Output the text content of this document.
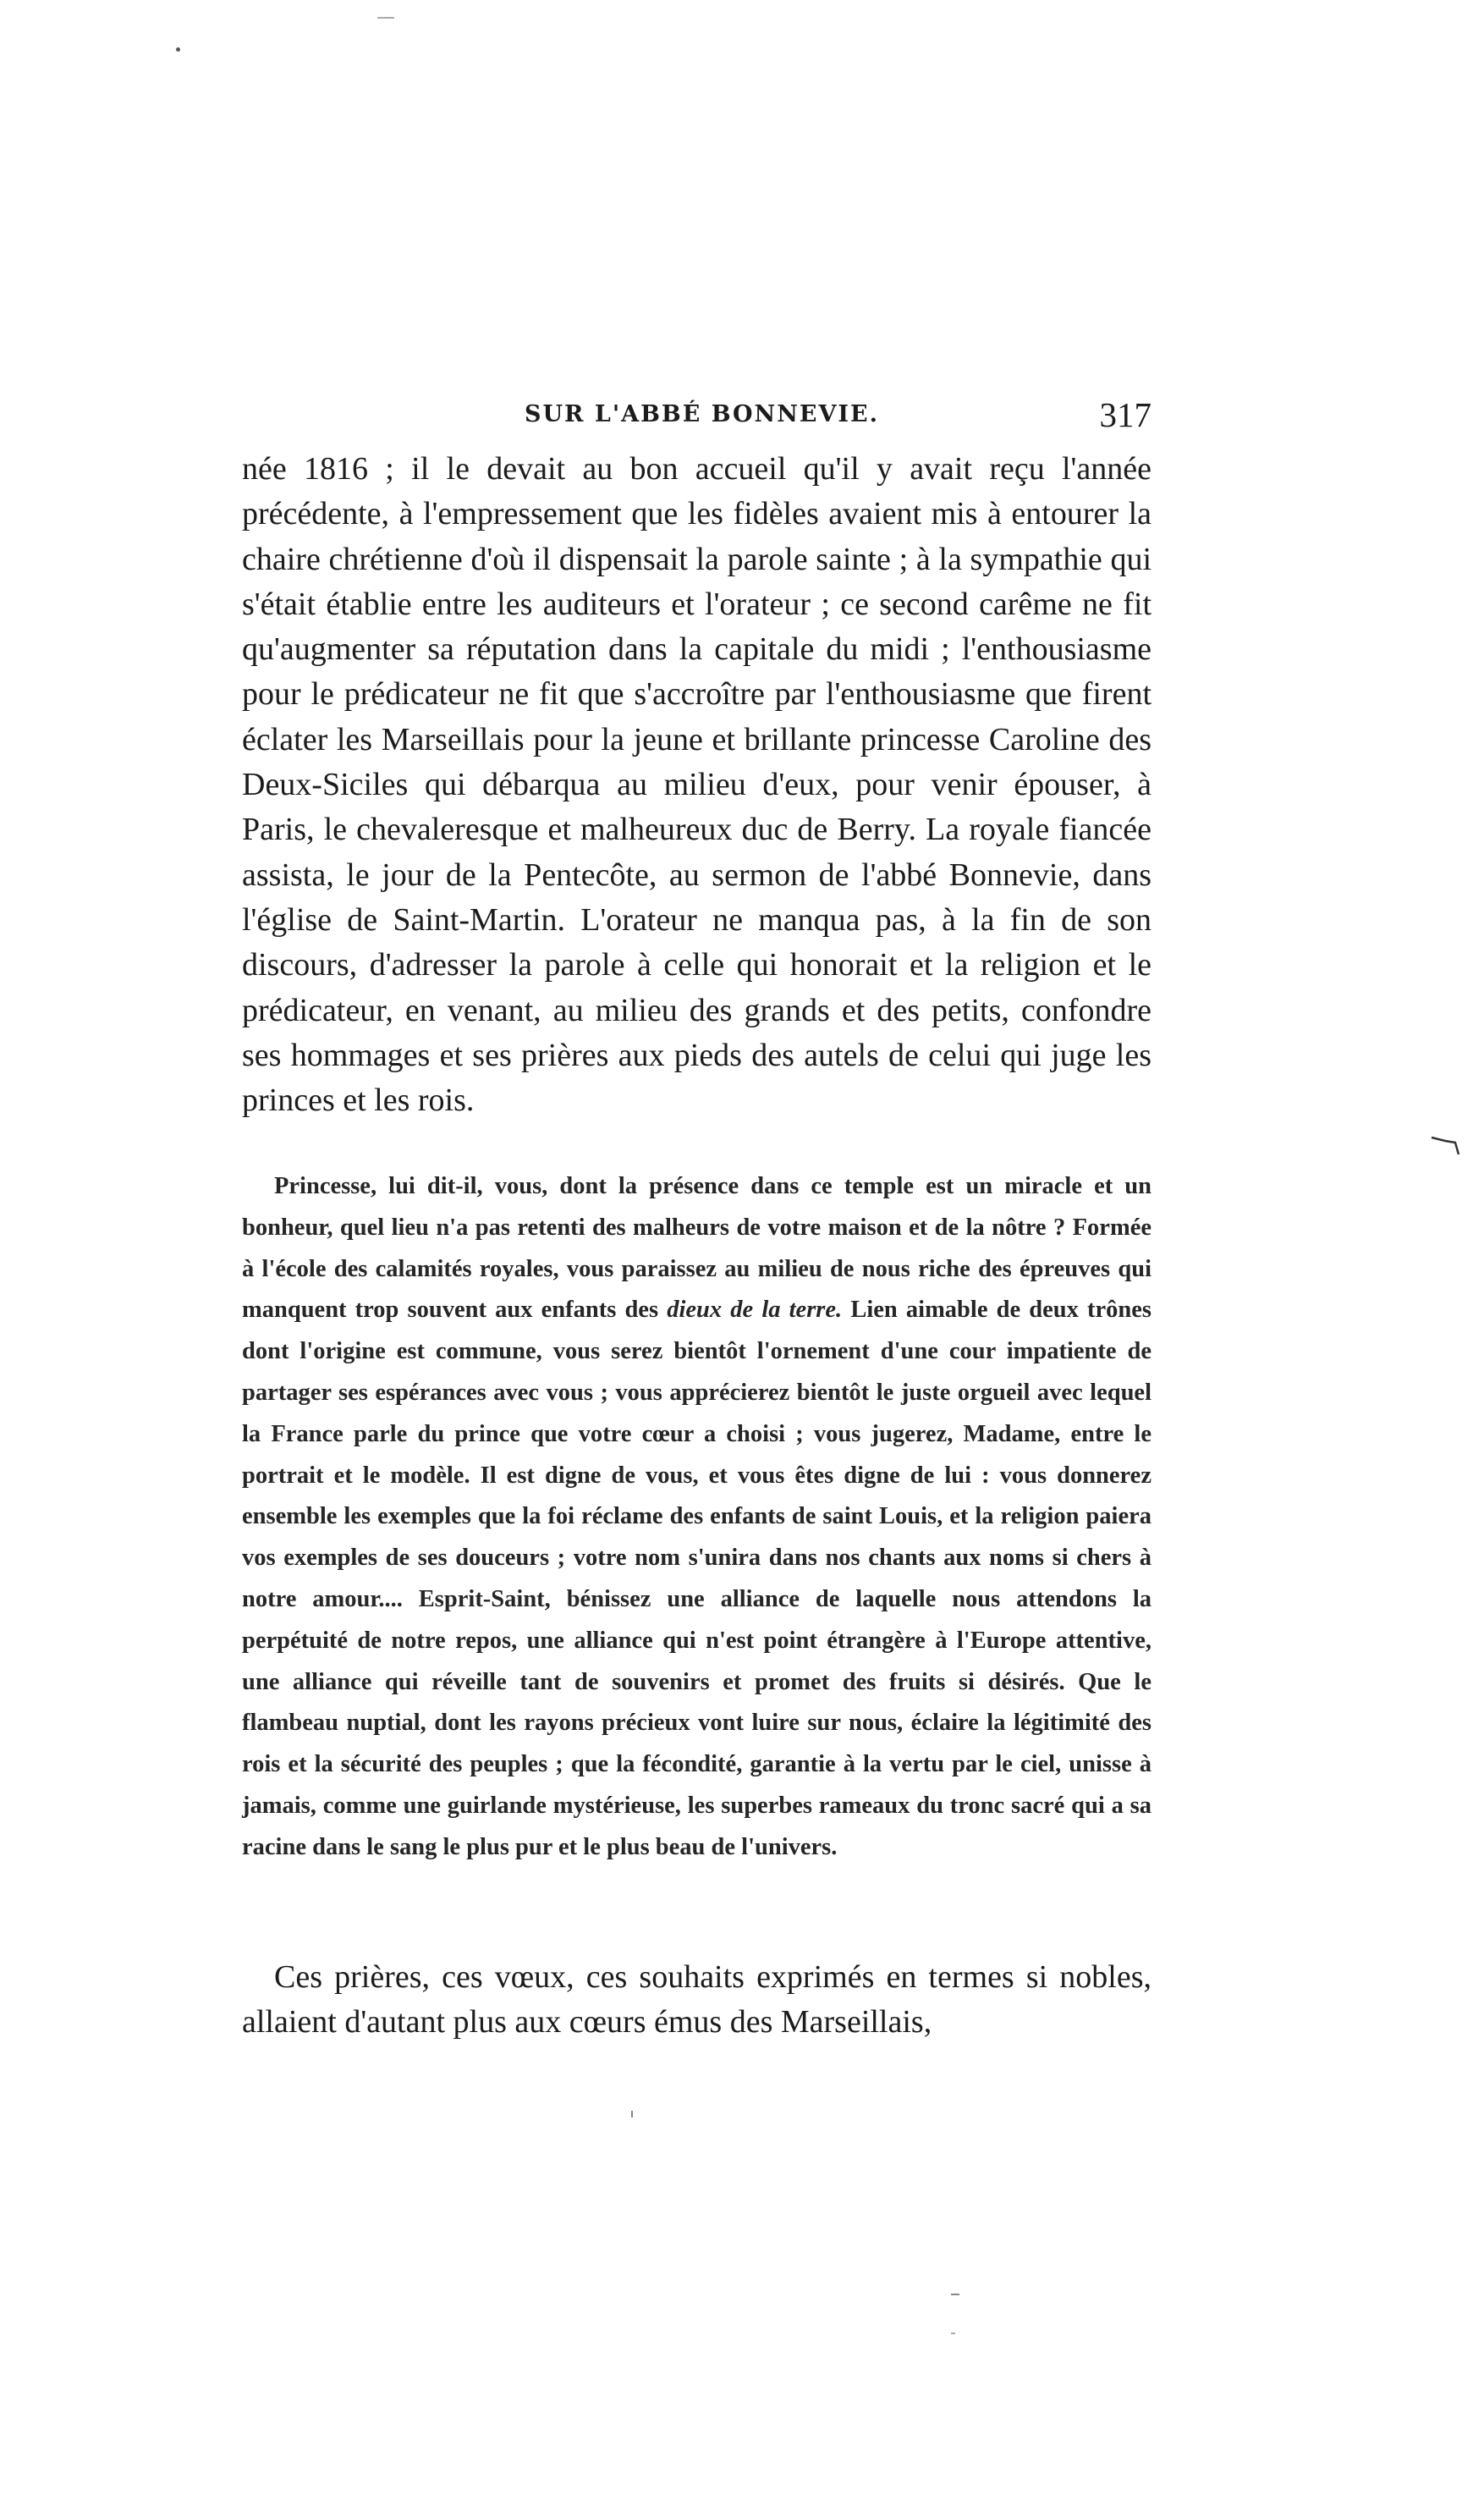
SUR L'ABBÉ BONNEVIE.	317

née 1816 ; il le devait au bon accueil qu'il y avait reçu l'année précédente, à l'empressement que les fidèles avaient mis à entourer la chaire chrétienne d'où il dispensait la parole sainte ; à la sympathie qui s'était établie entre les auditeurs et l'orateur ; ce second carême ne fit qu'augmenter sa réputation dans la capitale du midi ; l'enthousiasme pour le prédicateur ne fit que s'accroître par l'enthousiasme que firent éclater les Marseillais pour la jeune et brillante princesse Caroline des Deux-Siciles qui débarqua au milieu d'eux, pour venir épouser, à Paris, le chevaleresque et malheureux duc de Berry. La royale fiancée assista, le jour de la Pentecôte, au sermon de l'abbé Bonnevie, dans l'église de Saint-Martin. L'orateur ne manqua pas, à la fin de son discours, d'adresser la parole à celle qui honorait et la religion et le prédicateur, en venant, au milieu des grands et des petits, confondre ses hommages et ses prières aux pieds des autels de celui qui juge les princes et les rois.

Princesse, lui dit-il, vous, dont la présence dans ce temple est un miracle et un bonheur, quel lieu n'a pas retenti des malheurs de votre maison et de la nôtre ? Formée à l'école des calamités royales, vous paraissez au milieu de nous riche des épreuves qui manquent trop souvent aux enfants des dieux de la terre. Lien aimable de deux trônes dont l'origine est commune, vous serez bientôt l'ornement d'une cour impatiente de partager ses espérances avec vous ; vous apprécierez bientôt le juste orgueil avec lequel la France parle du prince que votre cœur a choisi ; vous jugerez, Madame, entre le portrait et le modèle. Il est digne de vous, et vous êtes digne de lui : vous donnerez ensemble les exemples que la foi réclame des enfants de saint Louis, et la religion paiera vos exemples de ses douceurs ; votre nom s'unira dans nos chants aux noms si chers à notre amour.... Esprit-Saint, bénissez une alliance de laquelle nous attendons la perpétuité de notre repos, une alliance qui n'est point étrangère à l'Europe attentive, une alliance qui réveille tant de souvenirs et promet des fruits si désirés. Que le flambeau nuptial, dont les rayons précieux vont luire sur nous, éclaire la légitimité des rois et la sécurité des peuples ; que la fécondité, garantie à la vertu par le ciel, unisse à jamais, comme une guirlande mystérieuse, les superbes rameaux du tronc sacré qui a sa racine dans le sang le plus pur et le plus beau de l'univers.

Ces prières, ces vœux, ces souhaits exprimés en termes si nobles, allaient d'autant plus aux cœurs émus des Marseillais,
